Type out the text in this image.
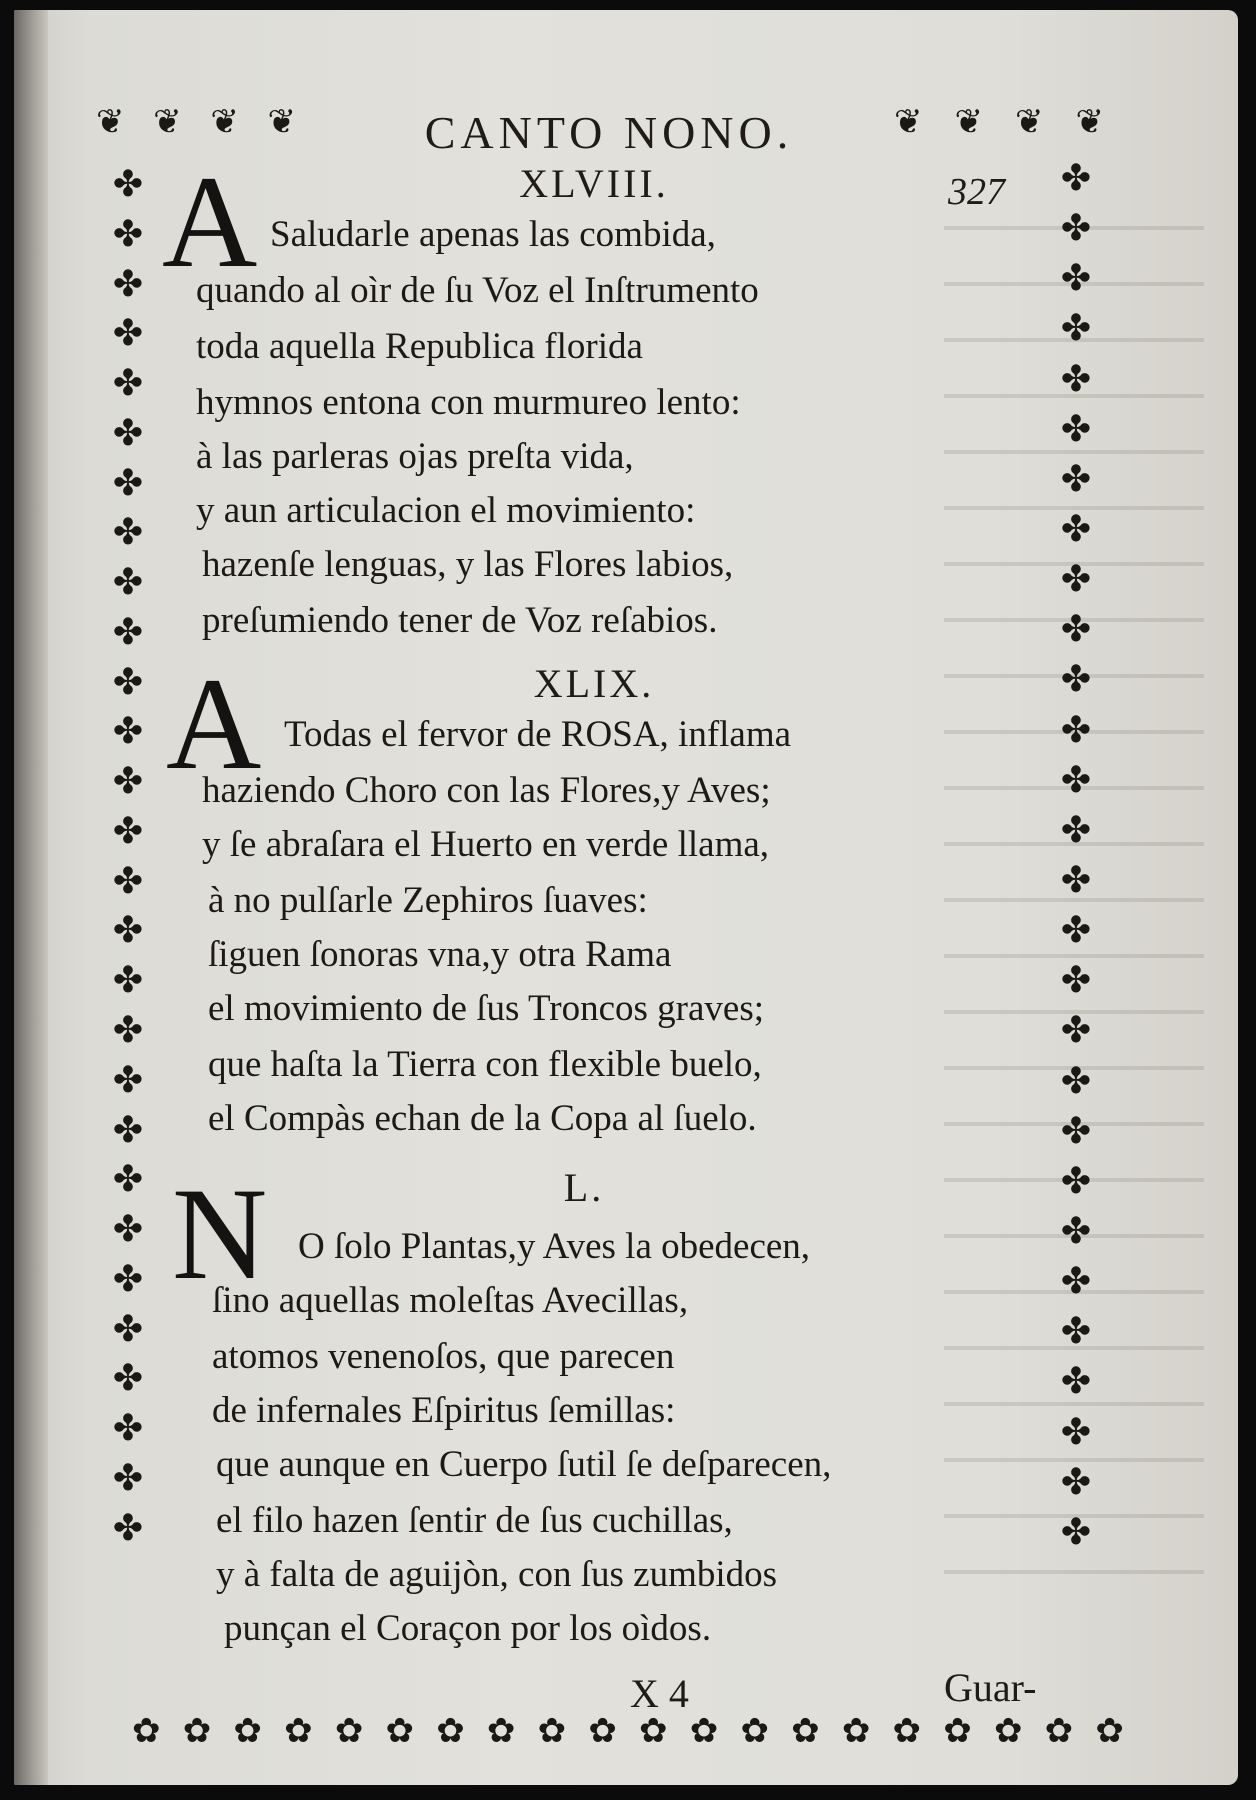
❦ ❦ ❦ ❦	❦ ❦ ❦ ❦
✤
✤
✤
✤
✤
✤
✤
✤
✤
✤
✤
✤
✤
✤
✤
✤
✤
✤
✤
✤
✤
✤
✤
✤
✤
✤
✤
✤
✤
✤
✤
✤
✤
✤
✤
✤
✤
✤
✤
✤
✤
✤
✤
✤
✤
✤
✤
✤
✤
✤
✤
✤
✤
✤
✤
✤
✿ ✿ ✿ ✿ ✿ ✿ ✿ ✿ ✿ ✿ ✿ ✿ ✿ ✿ ✿ ✿ ✿ ✿ ✿ ✿
CANTO NONO.
327
XLVIII.
A Saludarle apenas las combida,
quando al oìr de ſu Voz el Inſtrumento
toda aquella Republica florida
hymnos entona con murmureo lento:
à las parleras ojas preſta vida,
y aun articulacion el movimiento:
hazenſe lenguas, y las Flores labios,
preſumiendo tener de Voz reſabios.
XLIX.
A Todas el fervor de ROSA, inflama
haziendo Choro con las Flores,y Aves;
y ſe abraſara el Huerto en verde llama,
à no pulſarle Zephiros ſuaves:
ſiguen ſonoras vna,y otra Rama
el movimiento de ſus Troncos graves;
que haſta la Tierra con flexible buelo,
el Compàs echan de la Copa al ſuelo.
L.
N O ſolo Plantas,y Aves la obedecen,
ſino aquellas moleſtas Avecillas,
atomos venenoſos, que parecen
de infernales Eſpiritus ſemillas:
que aunque en Cuerpo ſutil ſe deſparecen,
el filo hazen ſentir de ſus cuchillas,
y à falta de aguijòn, con ſus zumbidos
punçan el Coraçon por los oìdos.
X 4	Guar-
